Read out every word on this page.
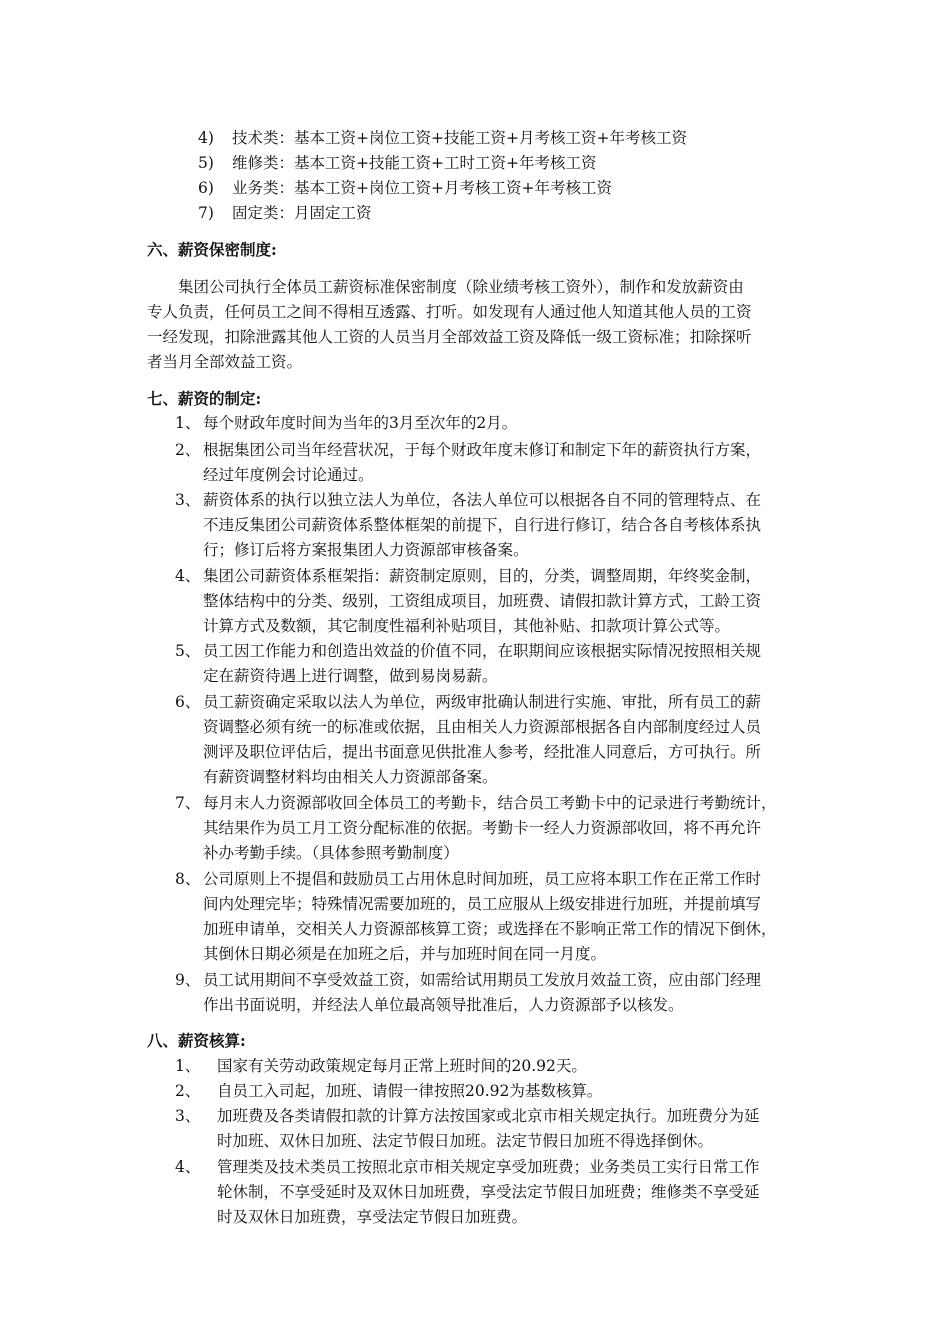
4) 技术类：基本工资+岗位工资+技能工资+月考核工资+年考核工资
5) 维修类：基本工资+技能工资+工时工资+年考核工资
6) 业务类：基本工资+岗位工资+月考核工资+年考核工资
7) 固定类：月固定工资
六、薪资保密制度:
集团公司执行全体员工薪资标准保密制度（除业绩考核工资外），制作和发放薪资由
专人负责，任何员工之间不得相互透露、打听。如发现有人通过他人知道其他人员的工资
一经发现，扣除泄露其他人工资的人员当月全部效益工资及降低一级工资标准；扣除探听
者当月全部效益工资。
七、薪资的制定:
1、 每个财政年度时间为当年的3月至次年的2月。
2、 根据集团公司当年经营状况，于每个财政年度末修订和制定下年的薪资执行方案，
经过年度例会讨论通过。
3、 薪资体系的执行以独立法人为单位，各法人单位可以根据各自不同的管理特点、在
不违反集团公司薪资体系整体框架的前提下，自行进行修订，结合各自考核体系执
行；修订后将方案报集团人力资源部审核备案。
4、 集团公司薪资体系框架指：薪资制定原则，目的，分类，调整周期，年终奖金制，
整体结构中的分类、级别，工资组成项目，加班费、请假扣款计算方式，工龄工资
计算方式及数额，其它制度性福利补贴项目，其他补贴、扣款项计算公式等。
5、 员工因工作能力和创造出效益的价值不同，在职期间应该根据实际情况按照相关规
定在薪资待遇上进行调整，做到易岗易薪。
6、 员工薪资确定采取以法人为单位，两级审批确认制进行实施、审批，所有员工的薪
资调整必须有统一的标准或依据，且由相关人力资源部根据各自内部制度经过人员
测评及职位评估后，提出书面意见供批准人参考，经批准人同意后，方可执行。所
有薪资调整材料均由相关人力资源部备案。
7、 每月末人力资源部收回全体员工的考勤卡，结合员工考勤卡中的记录进行考勤统计，
其结果作为员工月工资分配标准的依据。考勤卡一经人力资源部收回，将不再允许
补办考勤手续。（具体参照考勤制度）
8、 公司原则上不提倡和鼓励员工占用休息时间加班，员工应将本职工作在正常工作时
间内处理完毕；特殊情况需要加班的，员工应服从上级安排进行加班，并提前填写
加班申请单，交相关人力资源部核算工资；或选择在不影响正常工作的情况下倒休，
其倒休日期必须是在加班之后，并与加班时间在同一月度。
9、 员工试用期间不享受效益工资，如需给试用期员工发放月效益工资，应由部门经理
作出书面说明，并经法人单位最高领导批准后，人力资源部予以核发。
八、薪资核算:
1、 国家有关劳动政策规定每月正常上班时间的20.92天。
2、 自员工入司起，加班、请假一律按照20.92为基数核算。
3、 加班费及各类请假扣款的计算方法按国家或北京市相关规定执行。加班费分为延
时加班、双休日加班、法定节假日加班。法定节假日加班不得选择倒休。
4、 管理类及技术类员工按照北京市相关规定享受加班费；业务类员工实行日常工作
轮休制，不享受延时及双休日加班费，享受法定节假日加班费；维修类不享受延
时及双休日加班费，享受法定节假日加班费。
